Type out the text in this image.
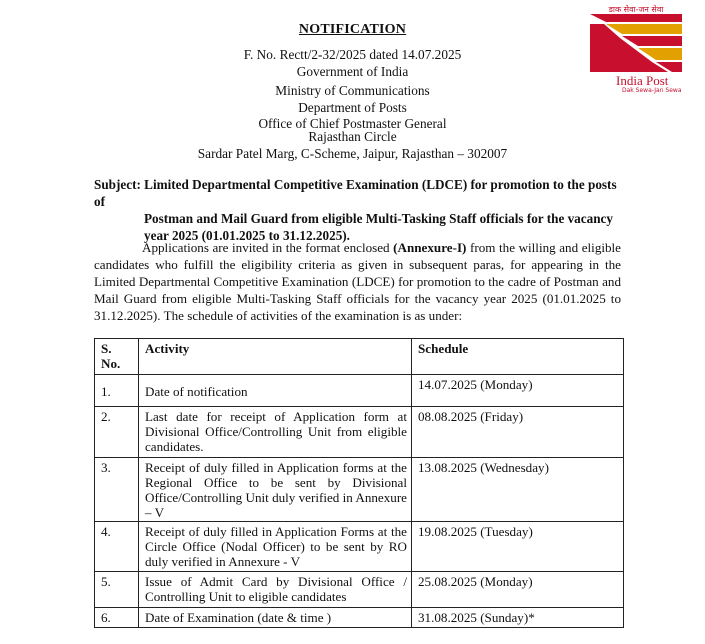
डाक सेवा-जन सेवा
India Post
Dak Sewa-Jan Sewa
NOTIFICATION
F. No. Rectt/2-32/2025 dated 14.07.2025
Government of India
Ministry of Communications
Department of Posts
Office of Chief Postmaster General
Rajasthan Circle
Sardar Patel Marg, C-Scheme, Jaipur, Rajasthan – 302007
Subject: Limited Departmental Competitive Examination (LDCE) for promotion to the posts of
Postman and Mail Guard from eligible Multi-Tasking Staff officials for the vacancy year 2025 (01.01.2025 to 31.12.2025).
Applications are invited in the format enclosed (Annexure-I) from the willing and eligible candidates who fulfill the eligibility criteria as given in subsequent paras, for appearing in the Limited Departmental Competitive Examination (LDCE) for promotion to the cadre of Postman and Mail Guard from eligible Multi-Tasking Staff officials for the vacancy year 2025 (01.01.2025 to 31.12.2025). The schedule of activities of the examination is as under:
S. No.	Activity	Schedule
1.	Date of notification	14.07.2025 (Monday)
2.	Last date for receipt of Application form at Divisional Office/Controlling Unit from eligible candidates.	08.08.2025 (Friday)
3.	Receipt of duly filled in Application forms at the Regional Office to be sent by Divisional Office/Controlling Unit duly verified in Annexure – V	13.08.2025 (Wednesday)
4.	Receipt of duly filled in Application Forms at the Circle Office (Nodal Officer) to be sent by RO duly verified in Annexure - V	19.08.2025 (Tuesday)
5.	Issue of Admit Card by Divisional Office / Controlling Unit to eligible candidates	25.08.2025 (Monday)
6.	Date of Examination (date & time )	31.08.2025 (Sunday)*
